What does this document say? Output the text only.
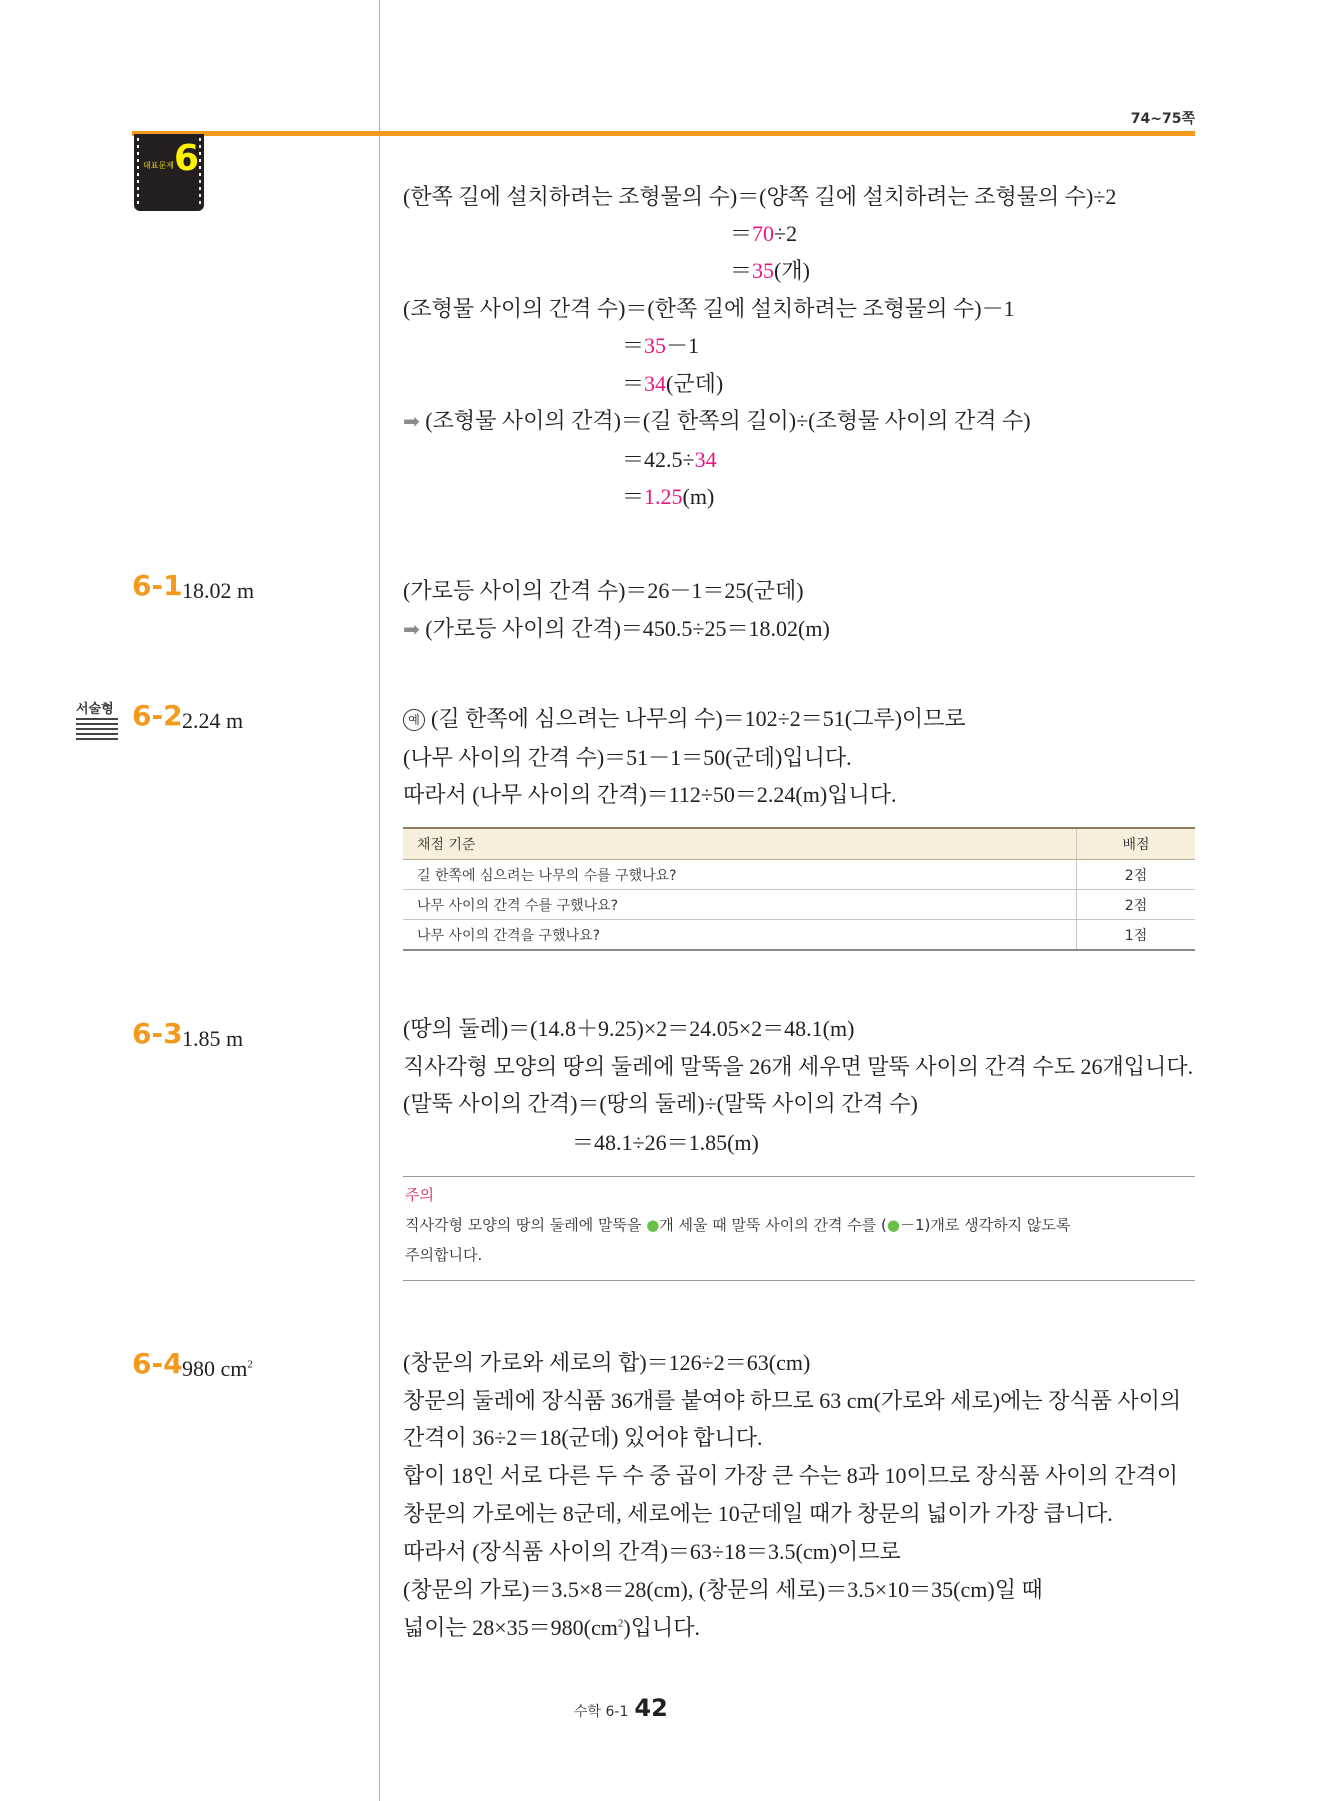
74~75쪽
대표문제 6
(한쪽 길에 설치하려는 조형물의 수)＝(양쪽 길에 설치하려는 조형물의 수)÷2
＝70÷2
＝35(개)
(조형물 사이의 간격 수)＝(한쪽 길에 설치하려는 조형물의 수)－1
＝35－1
＝34(군데)
➡ (조형물 사이의 간격)＝(길 한쪽의 길이)÷(조형물 사이의 간격 수)
＝42.5÷34
＝1.25(m)
6-1 18.02 m	(가로등 사이의 간격 수)＝26－1＝25(군데)
➡ (가로등 사이의 간격)＝450.5÷25＝18.02(m)
서술형 6-2 2.24 m	예 (길 한쪽에 심으려는 나무의 수)＝102÷2＝51(그루)이므로
(나무 사이의 간격 수)＝51－1＝50(군데)입니다.
따라서 (나무 사이의 간격)＝112÷50＝2.24(m)입니다.
채점 기준	배점
길 한쪽에 심으려는 나무의 수를 구했나요?	2점
나무 사이의 간격 수를 구했나요?	2점
나무 사이의 간격을 구했나요?	1점
6-3 1.85 m	(땅의 둘레)＝(14.8＋9.25)×2＝24.05×2＝48.1(m)
직사각형 모양의 땅의 둘레에 말뚝을 26개 세우면 말뚝 사이의 간격 수도 26개입니다.
(말뚝 사이의 간격)＝(땅의 둘레)÷(말뚝 사이의 간격 수)
＝48.1÷26＝1.85(m)
주의
직사각형 모양의 땅의 둘레에 말뚝을 ●개 세울 때 말뚝 사이의 간격 수를 (●－1)개로 생각하지 않도록
주의합니다.
6-4 980 $cm^2$	(창문의 가로와 세로의 합)＝126÷2＝63(cm)
창문의 둘레에 장식품 36개를 붙여야 하므로 63 cm(가로와 세로)에는 장식품 사이의
간격이 36÷2＝18(군데) 있어야 합니다.
합이 18인 서로 다른 두 수 중 곱이 가장 큰 수는 8과 10이므로 장식품 사이의 간격이
창문의 가로에는 8군데, 세로에는 10군데일 때가 창문의 넓이가 가장 큽니다.
따라서 (장식품 사이의 간격)＝63÷18＝3.5(cm)이므로
(창문의 가로)＝3.5×8＝28(cm), (창문의 세로)＝3.5×10＝35(cm)일 때
넓이는 $28\times 35=980(cm^2)$입니다.
수학 6-1 42
